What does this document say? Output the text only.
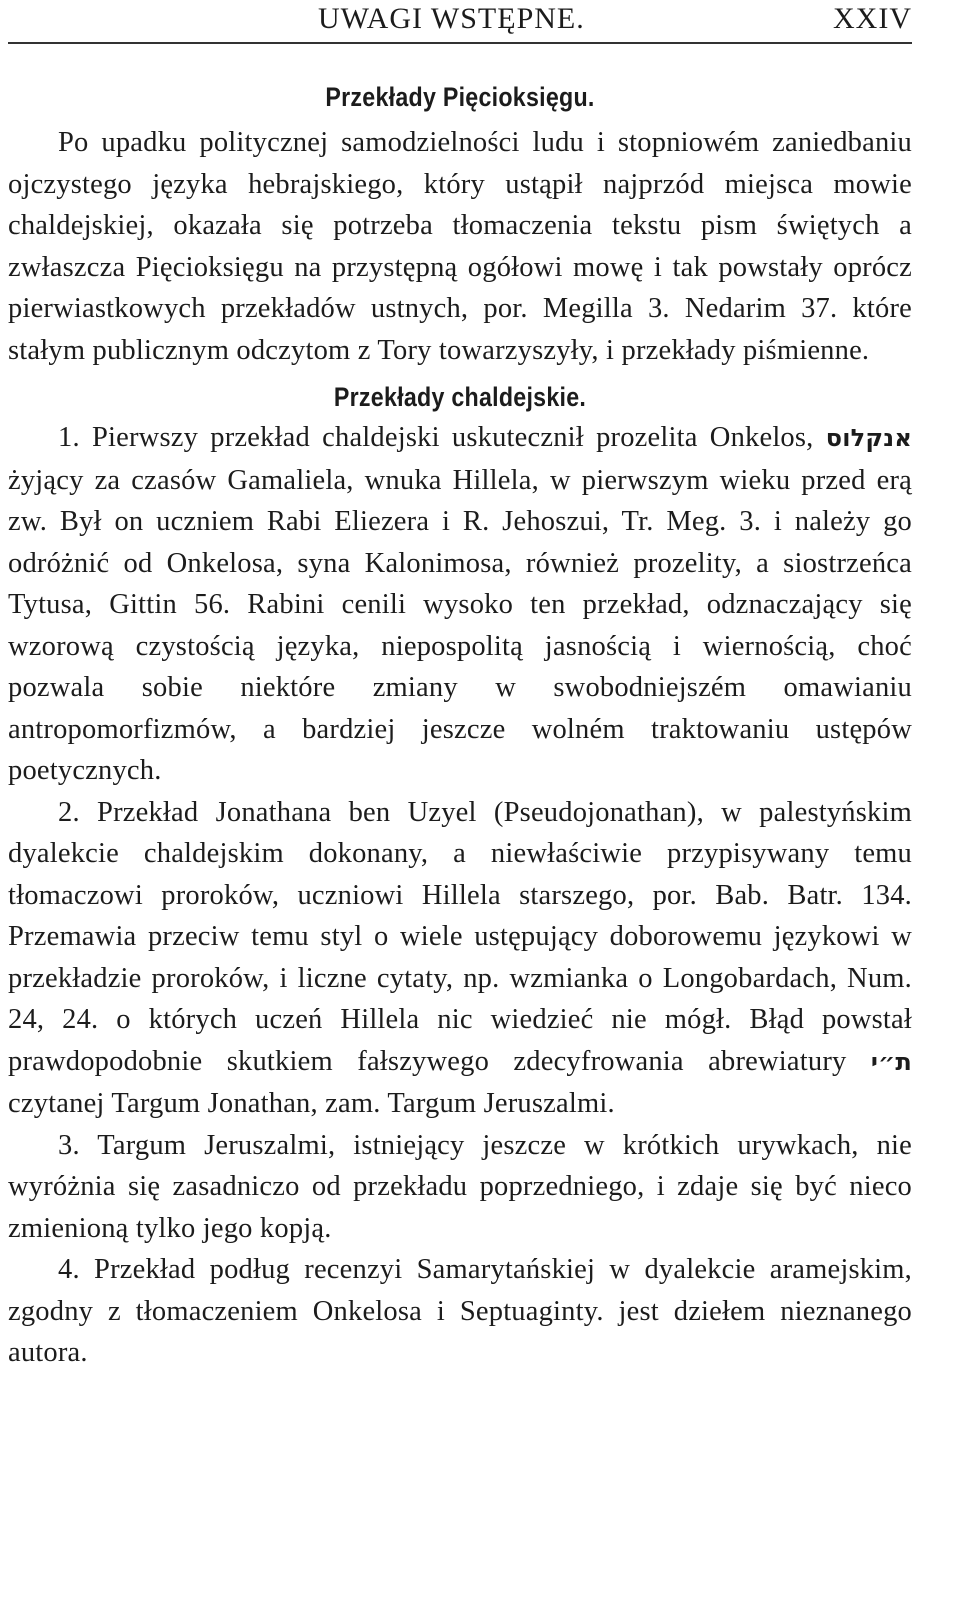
UWAGI WSTĘPNE.	XXIV
Przekłady Pięcioksięgu.

Po upadku politycznej samodzielności ludu i stopniowém zaniedbaniu ojczystego języka hebrajskiego, który ustąpił najprzód miejsca mowie chaldejskiej, okazała się potrzeba tłomaczenia tekstu pism świętych a zwłaszcza Pięcioksięgu na przystępną ogółowi mowę i tak powstały oprócz pierwiastkowych przekładów ustnych, por. Megilla 3. Nedarim 37. które stałym publicznym odczytom z Tory towarzyszyły, i przekłady piśmienne.

Przekłady chaldejskie.

1. Pierwszy przekład chaldejski uskutecznił prozelita Onkelos, אנקלוס żyjący za czasów Gamaliela, wnuka Hillela, w pierwszym wieku przed erą zw. Był on uczniem Rabi Eliezera i R. Jehoszui, Tr. Meg. 3. i należy go odróżnić od Onkelosa, syna Kalonimosa, również prozelity, a siostrzeńca Tytusa, Gittin 56. Rabini cenili wysoko ten przekład, odznaczający się wzorową czystością języka, niepospolitą jasnością i wiernością, choć pozwala sobie niektóre zmiany w swobodniejszém omawianiu antropomorfizmów, a bardziej jeszcze wolném traktowaniu ustępów poetycznych.

2. Przekład Jonathana ben Uzyel (Pseudojonathan), w palestyńskim dyalekcie chaldejskim dokonany, a niewłaściwie przypisywany temu tłomaczowi proroków, uczniowi Hillela starszego, por. Bab. Batr. 134. Przemawia przeciw temu styl o wiele ustępujący doborowemu językowi w przekładzie proroków, i liczne cytaty, np. wzmianka o Longobardach, Num. 24, 24. o których uczeń Hillela nic wiedzieć nie mógł. Błąd powstał prawdopodobnie skutkiem fałszywego zdecyfrowania abrewiatury ת״י czytanej Targum Jonathan, zam. Targum Jeruszalmi.

3. Targum Jeruszalmi, istniejący jeszcze w krótkich urywkach, nie wyróżnia się zasadniczo od przekładu poprzedniego, i zdaje się być nieco zmienioną tylko jego kopją.

4. Przekład podług recenzyi Samarytańskiej w dyalekcie aramejskim, zgodny z tłomaczeniem Onkelosa i Septuaginty. jest dziełem nieznanego autora.
